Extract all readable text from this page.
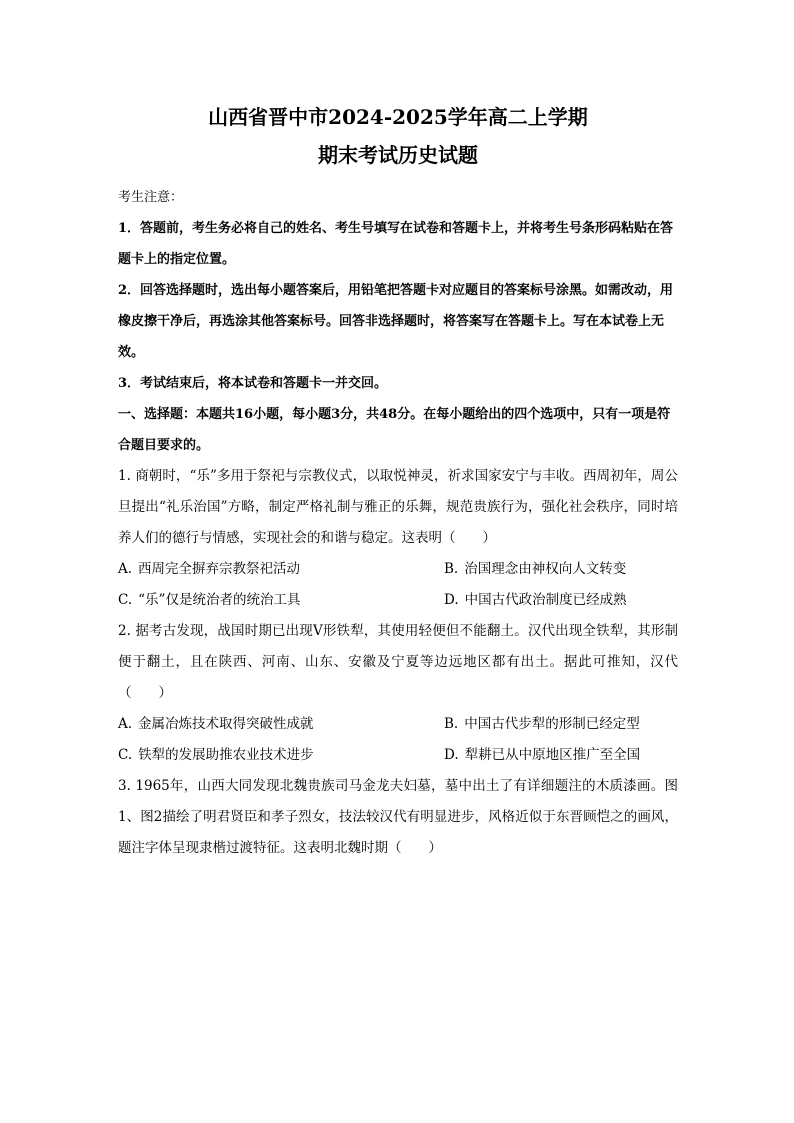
山西省晋中市2024-2025学年高二上学期
期末考试历史试题

考生注意：

1．答题前，考生务必将自己的姓名、考生号填写在试卷和答题卡上，并将考生号条形码粘贴在答题卡上的指定位置。

2．回答选择题时，选出每小题答案后，用铅笔把答题卡对应题目的答案标号涂黑。如需改动，用橡皮擦干净后，再选涂其他答案标号。回答非选择题时，将答案写在答题卡上。写在本试卷上无效。

3．考试结束后，将本试卷和答题卡一并交回。

一、选择题：本题共16小题，每小题3分，共48分。在每小题给出的四个选项中，只有一项是符合题目要求的。

1. 商朝时，“乐”多用于祭祀与宗教仪式，以取悦神灵，祈求国家安宁与丰收。西周初年，周公旦提出“礼乐治国”方略，制定严格礼制与雅正的乐舞，规范贵族行为，强化社会秩序，同时培养人们的德行与情感，实现社会的和谐与稳定。这表明（　　）

A. 西周完全摒弃宗教祭祀活动	B. 治国理念由神权向人文转变
C. “乐”仅是统治者的统治工具	D. 中国古代政治制度已经成熟

2. 据考古发现，战国时期已出现V形铁犁，其使用轻便但不能翻土。汉代出现全铁犁，其形制便于翻土，且在陕西、河南、山东、安徽及宁夏等边远地区都有出土。据此可推知，汉代（　　）

A. 金属冶炼技术取得突破性成就	B. 中国古代步犁的形制已经定型
C. 铁犁的发展助推农业技术进步	D. 犁耕已从中原地区推广至全国

3. 1965年，山西大同发现北魏贵族司马金龙夫妇墓，墓中出土了有详细题注的木质漆画。图1、图2描绘了明君贤臣和孝子烈女，技法较汉代有明显进步，风格近似于东晋顾恺之的画风，题注字体呈现隶楷过渡特征。这表明北魏时期（　　）
